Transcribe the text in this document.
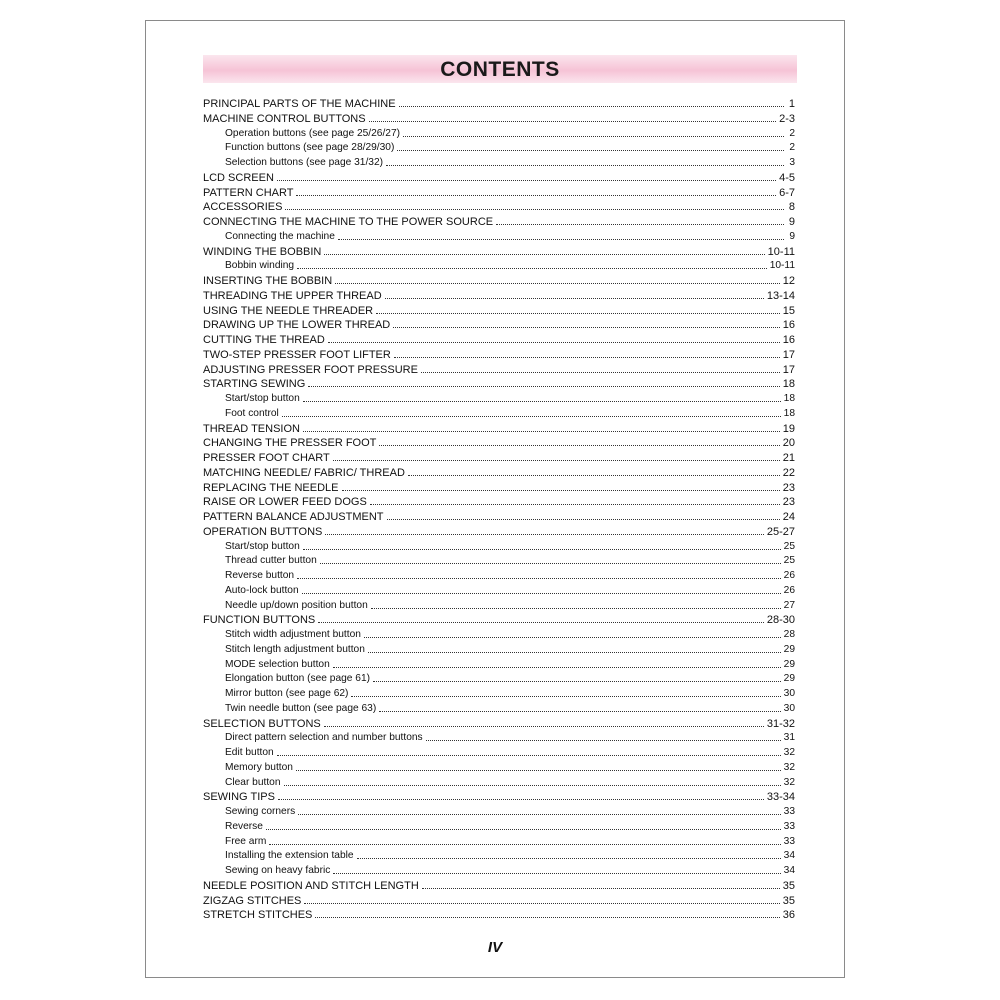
CONTENTS
PRINCIPAL PARTS OF THE MACHINE	1
MACHINE CONTROL BUTTONS	2-3
Operation buttons (see page 25/26/27)	2
Function buttons (see page 28/29/30)	2
Selection buttons (see page 31/32)	3
LCD SCREEN	4-5
PATTERN CHART	6-7
ACCESSORIES	8
CONNECTING THE MACHINE TO THE POWER SOURCE	9
Connecting the machine	9
WINDING THE BOBBIN	10-11
Bobbin winding	10-11
INSERTING THE BOBBIN	12
THREADING THE UPPER THREAD	13-14
USING THE NEEDLE THREADER	15
DRAWING UP THE LOWER THREAD	16
CUTTING THE THREAD	16
TWO-STEP PRESSER FOOT LIFTER	17
ADJUSTING PRESSER FOOT PRESSURE	17
STARTING SEWING	18
Start/stop button	18
Foot control	18
THREAD TENSION	19
CHANGING THE PRESSER FOOT	20
PRESSER FOOT CHART	21
MATCHING NEEDLE/ FABRIC/ THREAD	22
REPLACING THE NEEDLE	23
RAISE OR LOWER FEED DOGS	23
PATTERN BALANCE ADJUSTMENT	24
OPERATION BUTTONS	25-27
Start/stop button	25
Thread cutter button	25
Reverse button	26
Auto-lock button	26
Needle up/down position button	27
FUNCTION BUTTONS	28-30
Stitch width adjustment button	28
Stitch length adjustment button	29
MODE selection button	29
Elongation button (see page 61)	29
Mirror button (see page 62)	30
Twin needle button (see page 63)	30
SELECTION BUTTONS	31-32
Direct pattern selection and number buttons	31
Edit button	32
Memory button	32
Clear button	32
SEWING TIPS	33-34
Sewing corners	33
Reverse	33
Free arm	33
Installing the extension table	34
Sewing on heavy fabric	34
NEEDLE POSITION AND STITCH LENGTH	35
ZIGZAG STITCHES	35
STRETCH STITCHES	36
IV
